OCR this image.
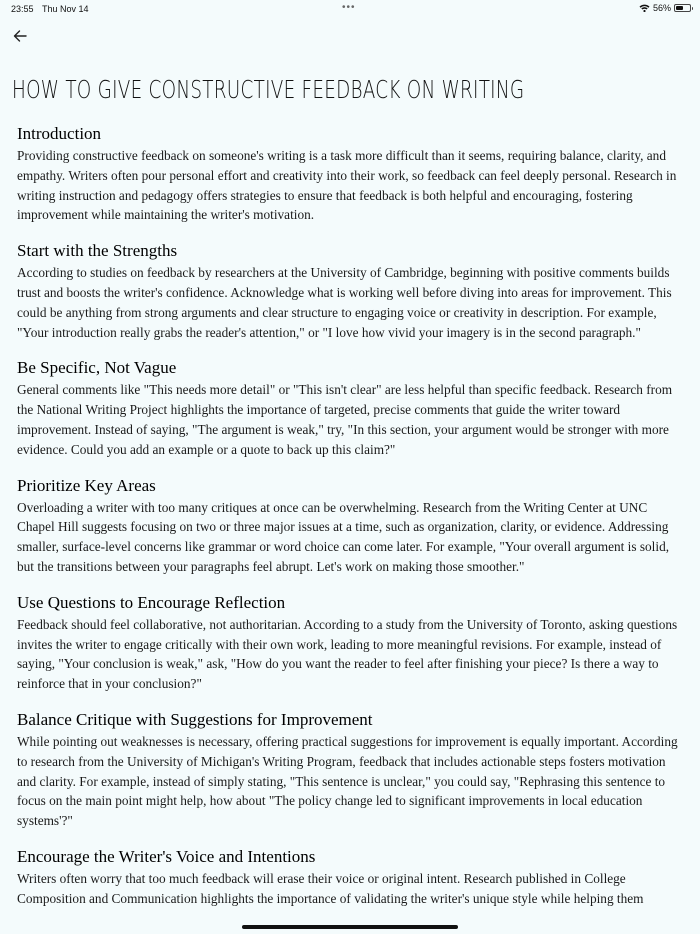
23:55 Thu Nov 14	•••	56%
HOW TO GIVE CONSTRUCTIVE FEEDBACK ON WRITING
Introduction

Providing constructive feedback on someone's writing is a task more difficult than it seems, requiring balance, clarity, and empathy. Writers often pour personal effort and creativity into their work, so feedback can feel deeply personal. Research in writing instruction and pedagogy offers strategies to ensure that feedback is both helpful and encouraging, fostering improvement while maintaining the writer's motivation.

Start with the Strengths

According to studies on feedback by researchers at the University of Cambridge, beginning with positive comments builds trust and boosts the writer's confidence. Acknowledge what is working well before diving into areas for improvement. This could be anything from strong arguments and clear structure to engaging voice or creativity in description. For example, "Your introduction really grabs the reader's attention," or "I love how vivid your imagery is in the second paragraph."

Be Specific, Not Vague

General comments like "This needs more detail" or "This isn't clear" are less helpful than specific feedback. Research from the National Writing Project highlights the importance of targeted, precise comments that guide the writer toward improvement. Instead of saying, "The argument is weak," try, "In this section, your argument would be stronger with more evidence. Could you add an example or a quote to back up this claim?"

Prioritize Key Areas

Overloading a writer with too many critiques at once can be overwhelming. Research from the Writing Center at UNC Chapel Hill suggests focusing on two or three major issues at a time, such as organization, clarity, or evidence. Addressing smaller, surface-level concerns like grammar or word choice can come later. For example, "Your overall argument is solid, but the transitions between your paragraphs feel abrupt. Let's work on making those smoother."

Use Questions to Encourage Reflection

Feedback should feel collaborative, not authoritarian. According to a study from the University of Toronto, asking questions invites the writer to engage critically with their own work, leading to more meaningful revisions. For example, instead of saying, "Your conclusion is weak," ask, "How do you want the reader to feel after finishing your piece? Is there a way to reinforce that in your conclusion?"

Balance Critique with Suggestions for Improvement

While pointing out weaknesses is necessary, offering practical suggestions for improvement is equally important. According to research from the University of Michigan's Writing Program, feedback that includes actionable steps fosters motivation and clarity. For example, instead of simply stating, "This sentence is unclear," you could say, "Rephrasing this sentence to focus on the main point might help, how about "The policy change led to significant improvements in local education systems'?"

Encourage the Writer's Voice and Intentions

Writers often worry that too much feedback will erase their voice or original intent. Research published in College Composition and Communication highlights the importance of validating the writer's unique style while helping them
